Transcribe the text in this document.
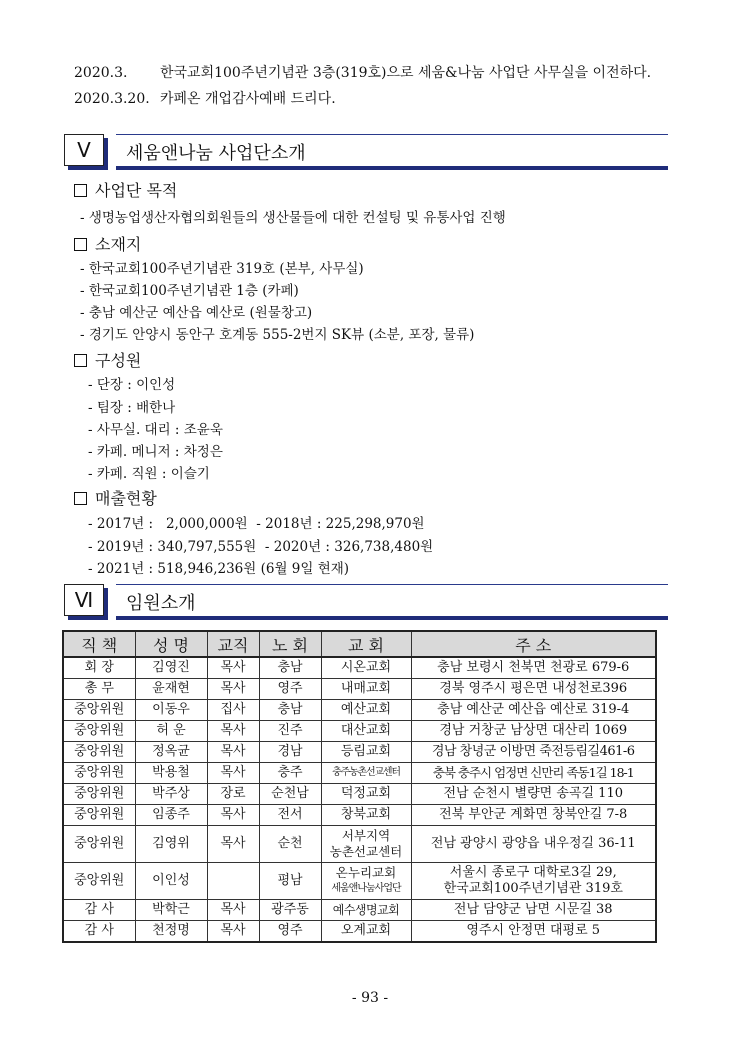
2020.3. 한국교회100주년기념관 3층(319호)으로 세움&나눔 사업단 사무실을 이전하다.
2020.3.20. 카페온 개업감사예배 드리다.
Ⅴ	세움앤나눔 사업단소개
사업단 목적
- 생명농업생산자협의회원들의 생산물들에 대한 컨설팅 및 유통사업 진행
소재지
- 한국교회100주년기념관 319호 (본부, 사무실)
- 한국교회100주년기념관 1층 (카페)
- 충남 예산군 예산읍 예산로 (원물창고)
- 경기도 안양시 동안구 호계동 555-2번지 SK뷰 (소분, 포장, 물류)
구성원
- 단장 : 이인성
- 팀장 : 배한나
- 사무실. 대리 : 조윤욱
- 카페. 메니저 : 차정은
- 카페. 직원 : 이슬기
매출현황
- 2017년 :   2,000,000원  - 2018년 : 225,298,970원
- 2019년 : 340,797,555원  - 2020년 : 326,738,480원
- 2021년 : 518,946,236원 (6월 9일 현재)
Ⅵ	임원소개
직 책	성 명	교직	노 회	교 회	주 소
회 장	김영진	목사	충남	시온교회	충남 보령시 천북면 천광로 679-6
총 무	윤재현	목사	영주	내매교회	경북 영주시 평은면 내성천로396
중앙위원	이동우	집사	충남	예산교회	충남 예산군 예산읍 예산로 319-4
중앙위원	허 운	목사	진주	대산교회	경남 거창군 남상면 대산리 1069
중앙위원	정옥균	목사	경남	등림교회	경남 창녕군 이방면 죽전등림길461-6
중앙위원	박용철	목사	충주	충주농촌선교센터	충북 충주시 엄정면 신만리 족동1길 18-1
중앙위원	박주상	장로	순천남	덕정교회	전남 순천시 별량면 송곡길 110
중앙위원	임종주	목사	전서	창북교회	전북 부안군 계화면 창북안길 7-8
중앙위원	김영위	목사	순천	서부지역
농촌선교센터	전남 광양시 광양읍 내우정길 36-11
중앙위원	이인성		평남	온누리교회
세움앤나눔사업단	서울시 종로구 대학로3길 29,
한국교회100주년기념관 319호

감 사	박학근	목사	광주동	예수생명교회	전남 담양군 남면 시문길 38
감 사	천정명	목사	영주	오계교회	영주시 안정면 대평로 5
- 93 -
